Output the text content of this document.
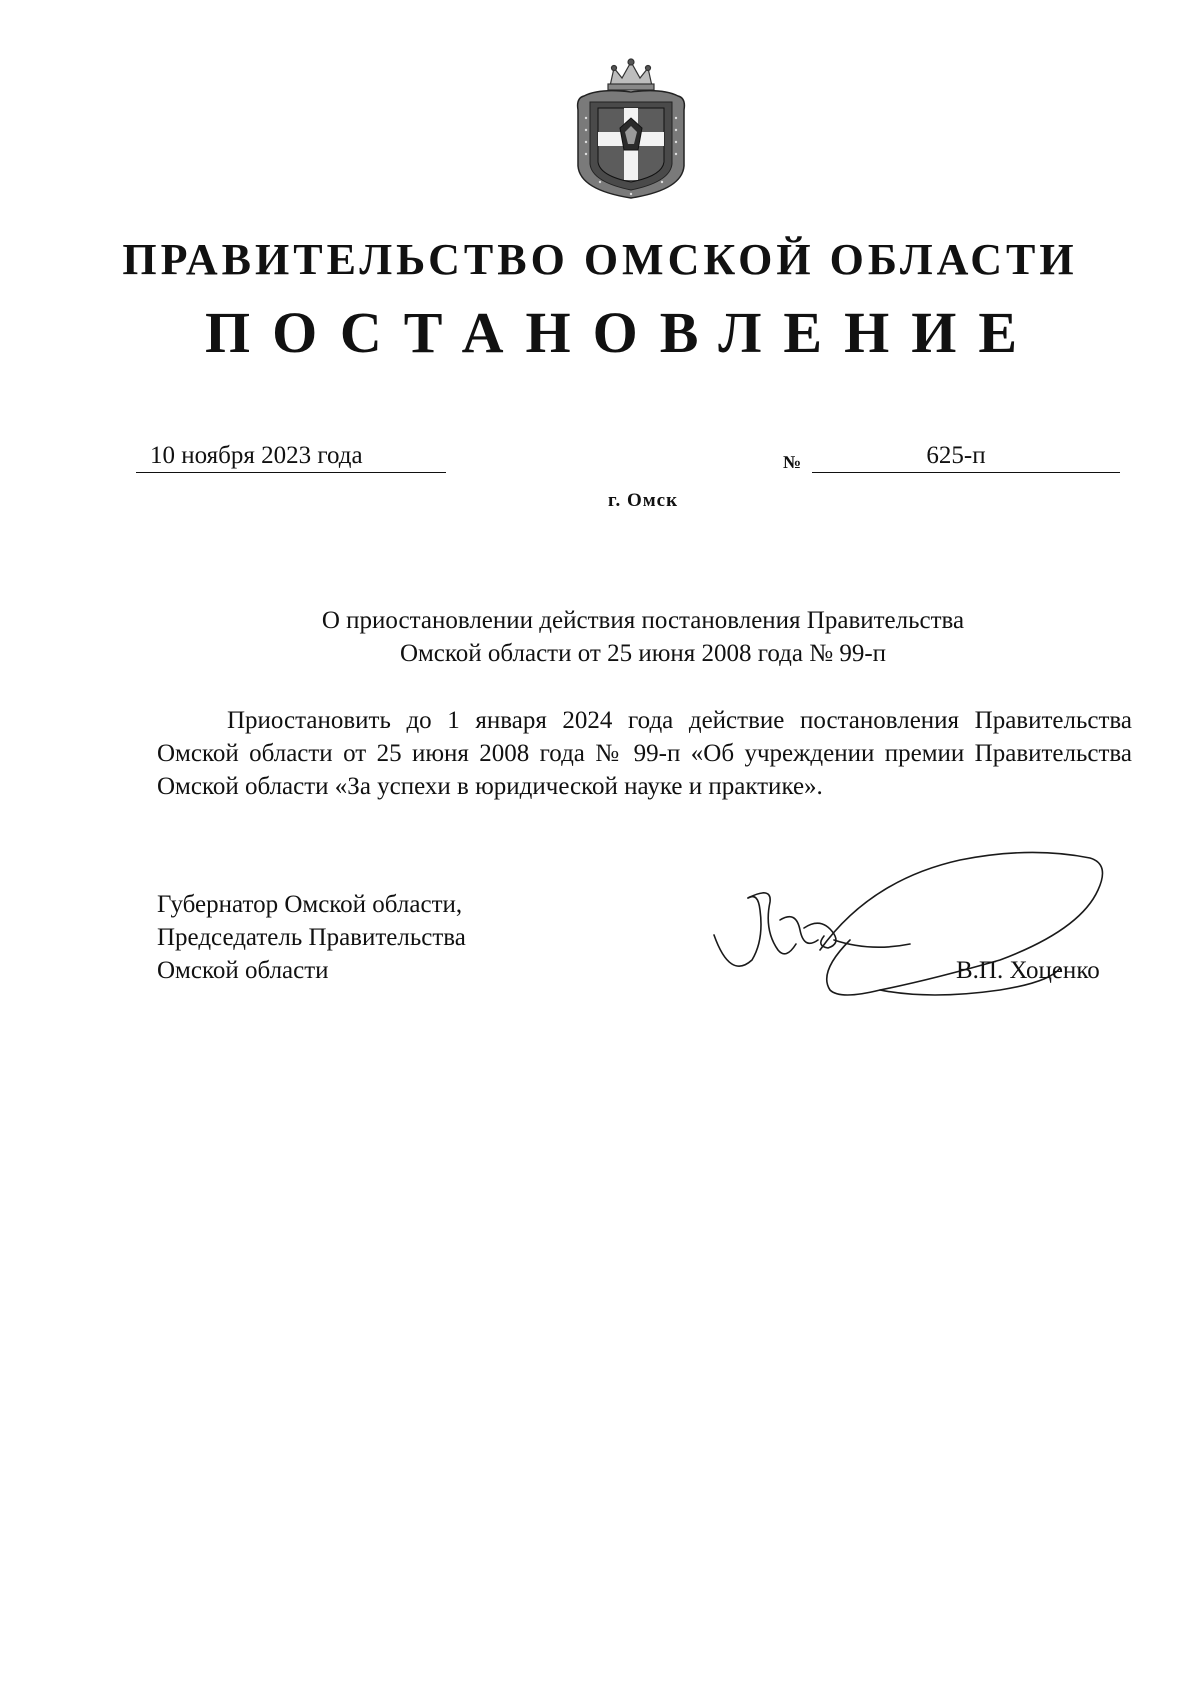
ПРАВИТЕЛЬСТВО ОМСКОЙ ОБЛАСТИ
ПОСТАНОВЛЕНИЕ
10 ноября 2023 года	№	625-п
г. Омск
О приостановлении действия постановления Правительства
Омской области от 25 июня 2008 года № 99-п
Приостановить до 1 января 2024 года действие постановления Правительства Омской области от 25 июня 2008 года № 99-п «Об учреждении премии Правительства Омской области «За успехи в юридической науке и практике».
Губернатор Омской области,
Председатель Правительства
Омской области	В.П. Хоценко
